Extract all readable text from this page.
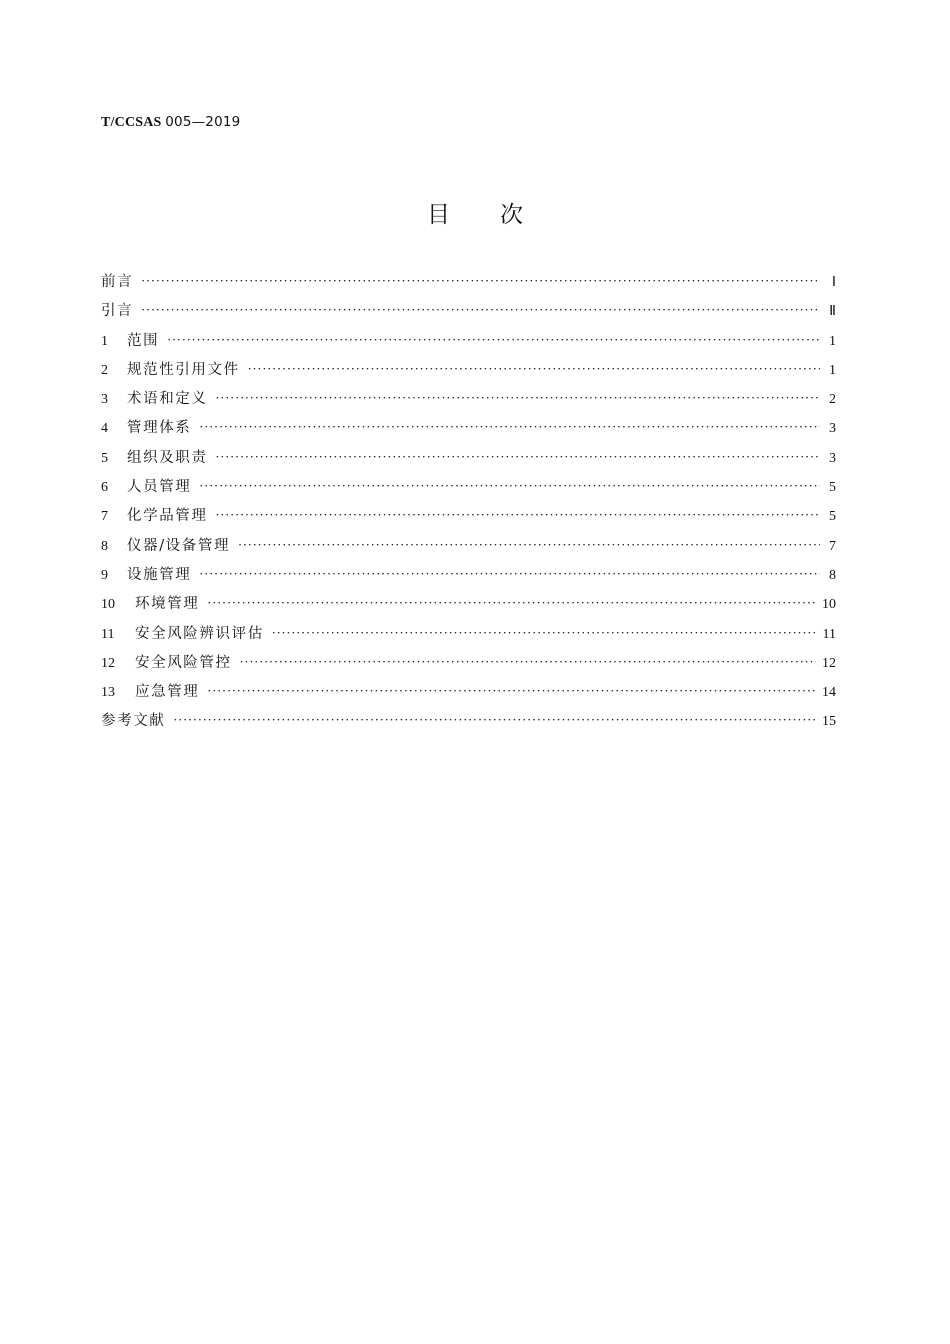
T/CCSAS 005—2019
目次
前言 ·····	Ⅰ
引言 ·····	Ⅱ
1	范围 ·····	1
2	规范性引用文件 ·····	1
3	术语和定义 ·····	2
4	管理体系 ·····	3
5	组织及职责 ·····	3
6	人员管理 ·····	5
7	化学品管理 ·····	5
8	仪器/设备管理 ·····	7
9	设施管理 ·····	8
10	环境管理 ·····	10
11	安全风险辨识评估 ·····	11
12	安全风险管控 ·····	12
13	应急管理 ·····	14
参考文献 ·····	15
